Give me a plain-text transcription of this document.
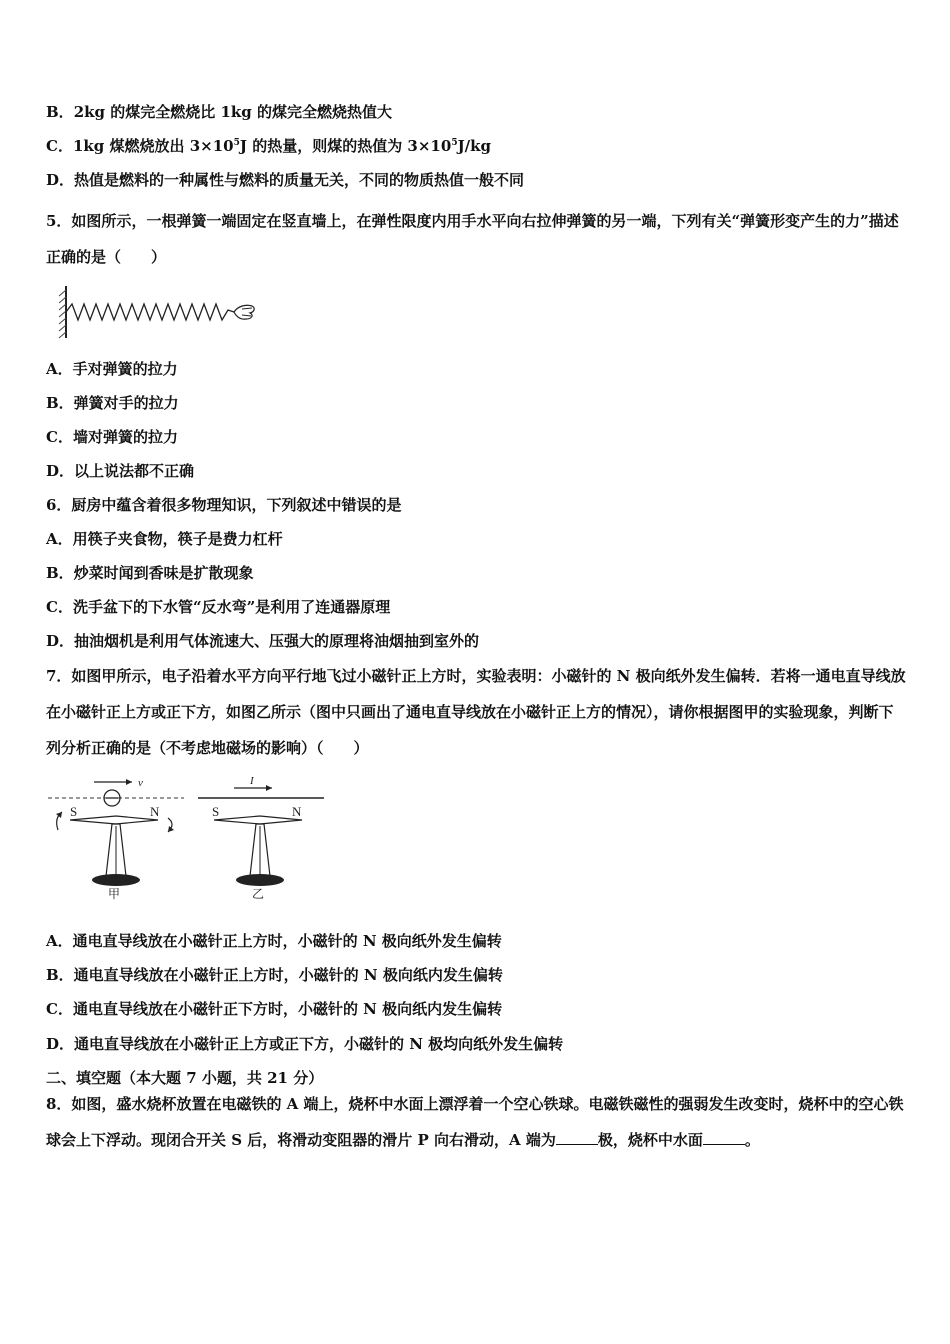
B．2kg 的煤完全燃烧比 1kg 的煤完全燃烧热值大
C．1kg 煤燃烧放出 $3\times 10^5J$ 的热量，则煤的热值为 $3\times 10^5J/kg$
D．热值是燃料的一种属性与燃料的质量无关，不同的物质热值一般不同
5．如图所示，一根弹簧一端固定在竖直墙上，在弹性限度内用手水平向右拉伸弹簧的另一端，下列有关“弹簧形变产生的力”描述正确的是（　　）
A．手对弹簧的拉力
B．弹簧对手的拉力
C．墙对弹簧的拉力
D．以上说法都不正确
6．厨房中蕴含着很多物理知识，下列叙述中错误的是
A．用筷子夹食物，筷子是费力杠杆
B．炒菜时闻到香味是扩散现象
C．洗手盆下的下水管“反水弯”是利用了连通器原理
D．抽油烟机是利用气体流速大、压强大的原理将油烟抽到室外的
7．如图甲所示，电子沿着水平方向平行地飞过小磁针正上方时，实验表明：小磁针的 N 极向纸外发生偏转．若将一通电直导线放在小磁针正上方或正下方，如图乙所示（图中只画出了通电直导线放在小磁针正上方的情况），请你根据图甲的实验现象，判断下列分析正确的是（不考虑地磁场的影响）（　　）
v
S	N
甲
I
S	N
乙
A．通电直导线放在小磁针正上方时，小磁针的 N 极向纸外发生偏转
B．通电直导线放在小磁针正上方时，小磁针的 N 极向纸内发生偏转
C．通电直导线放在小磁针正下方时，小磁针的 N 极向纸内发生偏转
D．通电直导线放在小磁针正上方或正下方，小磁针的 N 极均向纸外发生偏转
二、填空题（本大题 7 小题，共 21 分）
8．如图，盛水烧杯放置在电磁铁的 A 端上，烧杯中水面上漂浮着一个空心铁球。电磁铁磁性的强弱发生改变时，烧杯中的空心铁球会上下浮动。现闭合开关 S 后，将滑动变阻器的滑片 P 向右滑动，A 端为	极，烧杯中水面	。
